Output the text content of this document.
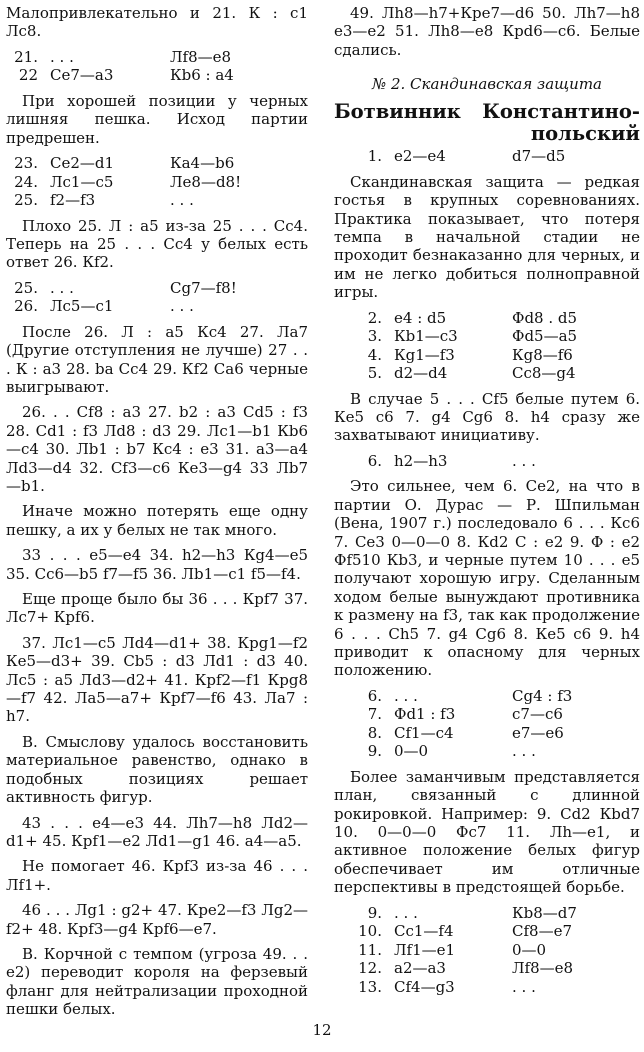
Малопривлекательно и 21. К : c1 Лс8.

21. . . .	Лf8—e8
22 Се7—a3	Кb6 : a4

При хорошей позиции у черных лишняя пешка. Исход партии предрешен.

23. Се2—d1	Кa4—b6
24. Лс1—с5	Ле8—d8!
25. f2—f3	. . .

Плохо 25. Л : a5 из-за 25 . . . Сc4. Теперь на 25 . . . Сс4 у белых есть ответ 26. Кf2.

25. . . .	Сg7—f8!
26. Лс5—с1	. . .

После 26. Л : a5 Кс4 27. Ла7 (Другие отступления не лучше) 27 . . . К : a3 28. ba Сс4 29. Кf2 Са6 черные выигрывают.

26. . . Сf8 : a3 27. b2 : a3 Сd5 : f3 28. Сd1 : f3 Лd8 : d3 29. Лс1—b1 Кb6—с4 30. Лb1 : b7 Кс4 : e3 31. a3—a4 Лd3—d4 32. Сf3—с6 Кe3—g4 33 Лb7—b1.

Иначе можно потерять еще одну пешку, а их у белых не так много.

33 . . . e5—e4 34. h2—h3 Кg4—e5 35. Сс6—b5 f7—f5 36. Лb1—c1 f5—f4.

Еще проще было бы 36 . . . Крf7 37. Лс7+ Крf6.

37. Лс1—с5 Лd4—d1+ 38. Крg1—f2 Кe5—d3+ 39. Сb5 : d3 Лd1 : d3 40. Лс5 : a5 Лd3—d2+ 41. Крf2—f1 Крg8—f7 42. Ла5—a7+ Крf7—f6 43. Ла7 : h7.

В. Смыслову удалось восстановить материальное равенство, однако в подобных позициях решает активность фигур.

43 . . . e4—e3 44. Лh7—h8 Лd2—d1+ 45. Крf1—e2 Лd1—g1 46. a4—a5.

Не помогает 46. Крf3 из-за 46 . . . Лf1+.

46 . . . Лg1 : g2+ 47. Крe2—f3 Лg2—f2+ 48. Крf3—g4 Крf6—e7.

В. Корчной с темпом (угроза 49. . . e2) переводит короля на ферзевый фланг для нейтрализации проходной пешки белых.

49. Лh8—h7+Крe7—d6 50. Лh7—h8 e3—e2 51. Лh8—e8 Крd6—с6. Белые сдались.

№ 2. Скандинавская защита
Ботвинник Константино-
польский
1. e2—e4	d7—d5

Скандинавская защита — редкая гостья в крупных соревнованиях. Практика показывает, что потеря темпа в начальной стадии не проходит безнаказанно для черных, и им не легко добиться полноправной игры.

2. e4 : d5	Фd8 . d5
3. Кb1—с3	Фd5—a5
4. Кg1—f3	Кg8—f6
5. d2—d4	Сс8—g4

В случае 5 . . . Сf5 белые путем 6. Кe5 с6 7. g4 Сg6 8. h4 сразу же захватывают инициативу.

6. h2—h3	. . .

Это сильнее, чем 6. Се2, на что в партии О. Дурас — Р. Шпильман (Вена, 1907 г.) последовало 6 . . . Кс6 7. Се3 0—0—0 8. Кd2 С : e2 9. Ф : e2 Фf510 Кb3, и черные путем 10 . . . e5 получают хорошую игру. Сделанным ходом белые вынуждают противника к размену на f3, так как продолжение 6 . . . Сh5 7. g4 Сg6 8. Кe5 с6 9. h4 приводит к опасному для черных положению.

6. . . .	Сg4 : f3
7. Фd1 : f3	с7—с6
8. Сf1—с4	e7—e6
9. 0—0	. . .

Более заманчивым представляется план, связанный с длинной рокировкой. Например: 9. Сd2 Кbd7 10. 0—0—0 Фс7 11. Лh—e1, и активное положение белых фигур обеспечивает им отличные перспективы в предстоящей борьбе.

9. . . .	Кb8—d7
10. Сс1—f4	Сf8—e7
11. Лf1—e1	0—0
12. a2—a3	Лf8—e8
13. Сf4—g3	. . .
12
